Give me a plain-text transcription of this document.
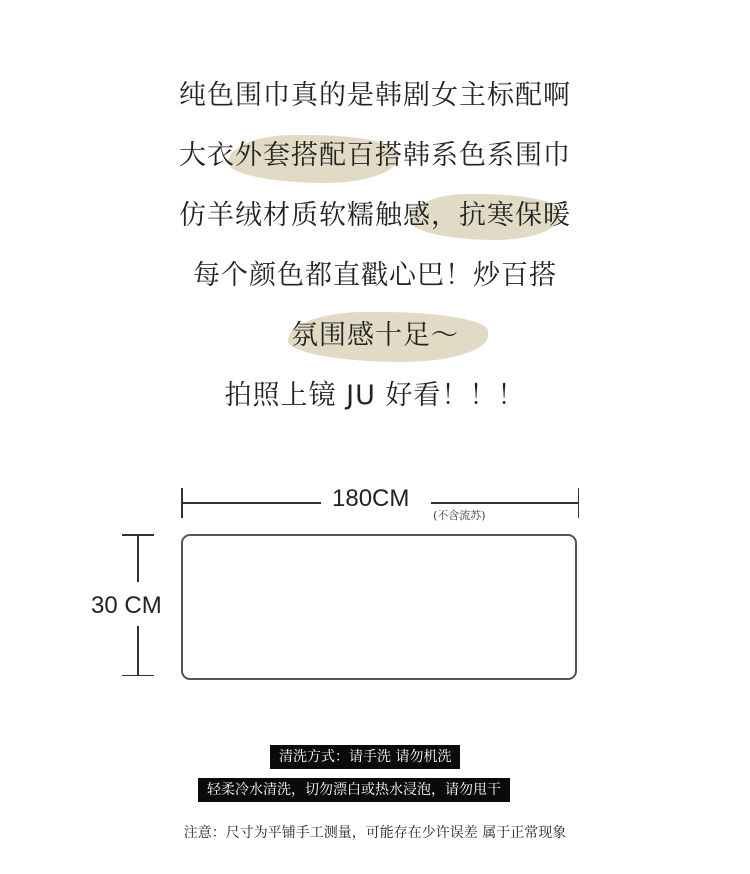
纯色围巾真的是韩剧女主标配啊
大衣外套搭配百搭韩系色系围巾
仿羊绒材质软糯触感，抗寒保暖
每个颜色都直戳心巴！炒百搭
氛围感十足～
拍照上镜 JU 好看！！！
180CM
(不含流苏)
30 CM
清洗方式：请手洗 请勿机洗
轻柔冷水清洗，切勿漂白或热水浸泡，请勿甩干
注意：尺寸为平铺手工测量，可能存在少许误差 属于正常现象
